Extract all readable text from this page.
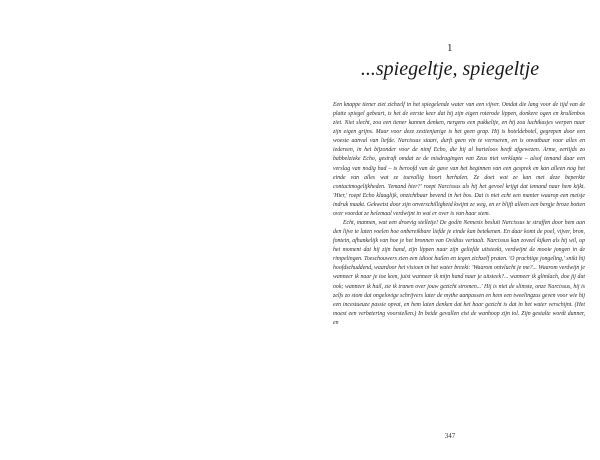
1
...spiegeltje, spiegeltje

Een knappe tiener ziet zichzelf in het spiegelende water van een vijver. Omdat die lang voor de tijd van de platte spiegel gebeurt, is het de eerste keer dat hij zijn eigen roterode lippen, donkere ogen en krullenbos ziet. Niet slecht, zou een tiener kunnen denken, nergens een pukkeltje, en hij zou luchtkusjes werpen naar zijn eigen grijns. Maar voor deze zestienjarige is het geen grap. Hij is hoteldebotel, gegrepen door een woeste aanval van liefde. Narcissus staart, durft geen vin te verroeren, en is onvatbaar voor alles en iedereen, in het bijzonder voor de nimf Echo, die hij al harteloos heeft afgewezen. Arme, eertijds zo babbelzieke Echo, gestraft omdat ze de misdragingen van Zeus niet verklapte – alsof iemand daar een verslag van nodig had – is beroofd van de gave van het beginnen van een gesprek en kan alleen nog het einde van alles wat ze toevallig hoort herhalen. Ze doet wat ze kan met deze beperkte contactmogelijkheden. 'Iemand hier?' roept Narcissus als hij het gevoel krijgt dat iemand naar hem kijkt. 'Hier,' roept Echo klaaglijk, onzichtbaar bevend in het bos. Dat is niet echt een manier waarop een meisje indruk maakt. Gekwetst door zijn onverschilligheid kwijnt ze weg, en er blijft alleen een bergje broze botten over voordat ze helemaal verdwijnt in wat er over is van haar stem.

Echt, mannen, wat een droevig stelletje! De godin Nemesis besluit Narcissus te straffen door hem aan den lijve te laten voelen hoe onbereikbare liefde je einde kan betekenen. En daar komt de poel, vijver, bron, fontein, afhankelijk van hoe je het bronnen van Ovidius vertaalt. Narcissus kan zoveel kijken als hij wil, op het moment dat hij zijn hand, zijn lippen naar zijn geliefde uitsteekt, verdwijnt de mooie jongen in de rimpelingen. Toeschouwers zien een idioot huilen en tegen zichzelf praten. 'O prachtige jongeling,' snikt hij hoofdschuddend, waardoor het visioen in het water breekt: 'Waarom ontvlucht je me?... Waarom verdwijn je wanneer ik naar je toe kom, juist wanneer ik mijn hand naar je uitsteek?... wanneer ik glimlach, doe jij dat ook; wanneer ik huil, zie ik tranen over jouw gezicht stromen...' Hij is niet de slimste, onze Narcissus, hij is zelfs zo stom dat ongelovige schrijvers later de mythe aanpassen en hem een tweelingzus geven voor wie hij een incestueuze passie opvat, en hem laten denken dat het haar gezicht is dat in het water verschijnt. (Het moest een verbetering voorstellen.) In beide gevallen eist de wanhoop zijn tol. Zijn gestalte wordt dunner, en

347
